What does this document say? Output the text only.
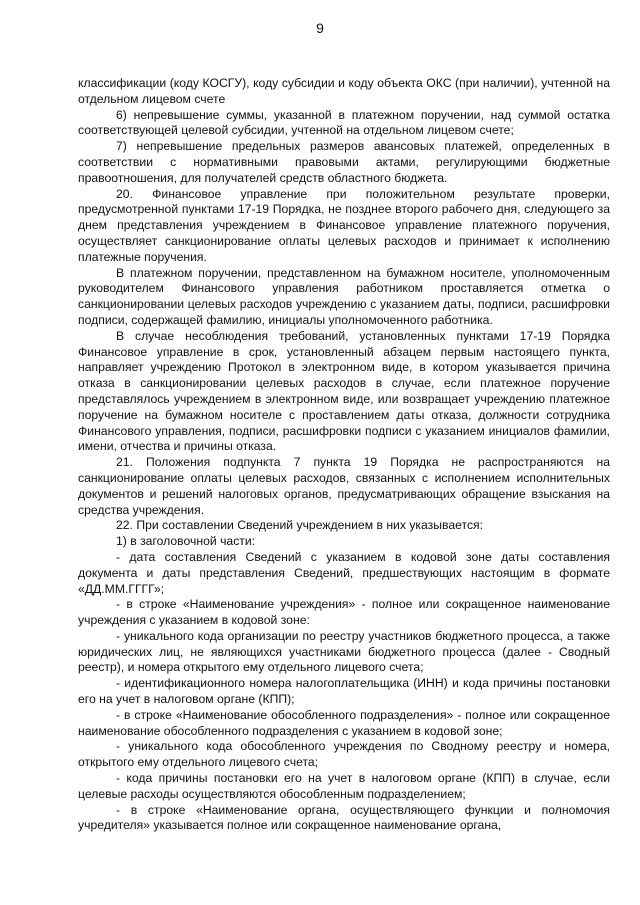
9

классификации (коду КОСГУ), коду субсидии и коду объекта ОКС (при наличии), учтенной на отдельном лицевом счете

6) непревышение суммы, указанной в платежном поручении, над суммой остатка соответствующей целевой субсидии, учтенной на отдельном лицевом счете;

7) непревышение предельных размеров авансовых платежей, определенных в соответствии с нормативными правовыми актами, регулирующими бюджетные правоотношения, для получателей средств областного бюджета.

20. Финансовое управление при положительном результате проверки, предусмотренной пунктами 17-19 Порядка, не позднее второго рабочего дня, следующего за днем представления учреждением в Финансовое управление платежного поручения, осуществляет санкционирование оплаты целевых расходов и принимает к исполнению платежные поручения.

В платежном поручении, представленном на бумажном носителе, уполномоченным руководителем Финансового управления работником проставляется отметка о санкционировании целевых расходов учреждению с указанием даты, подписи, расшифровки подписи, содержащей фамилию, инициалы уполномоченного работника.

В случае несоблюдения требований, установленных пунктами 17-19 Порядка Финансовое управление в срок, установленный абзацем первым настоящего пункта, направляет учреждению Протокол в электронном виде, в котором указывается причина отказа в санкционировании целевых расходов в случае, если платежное поручение представлялось учреждением в электронном виде, или возвращает учреждению платежное поручение на бумажном носителе с проставлением даты отказа, должности сотрудника Финансового управления, подписи, расшифровки подписи с указанием инициалов фамилии, имени, отчества и причины отказа.

21. Положения подпункта 7 пункта 19 Порядка не распространяются на санкционирование оплаты целевых расходов, связанных с исполнением исполнительных документов и решений налоговых органов, предусматривающих обращение взыскания на средства учреждения.

22. При составлении Сведений учреждением в них указывается:

1) в заголовочной части:

- дата составления Сведений с указанием в кодовой зоне даты составления документа и даты представления Сведений, предшествующих настоящим в формате «ДД.ММ.ГГГГ»;

- в строке «Наименование учреждения» - полное или сокращенное наименование учреждения с указанием в кодовой зоне:

- уникального кода организации по реестру участников бюджетного процесса, а также юридических лиц, не являющихся участниками бюджетного процесса (далее - Сводный реестр), и номера открытого ему отдельного лицевого счета;

- идентификационного номера налогоплательщика (ИНН) и кода причины постановки его на учет в налоговом органе (КПП);

- в строке «Наименование обособленного подразделения» - полное или сокращенное наименование обособленного подразделения с указанием в кодовой зоне;

- уникального кода обособленного учреждения по Сводному реестру и номера, открытого ему отдельного лицевого счета;

- кода причины постановки его на учет в налоговом органе (КПП) в случае, если целевые расходы осуществляются обособленным подразделением;

- в строке «Наименование органа, осуществляющего функции и полномочия учредителя» указывается полное или сокращенное наименование органа,
